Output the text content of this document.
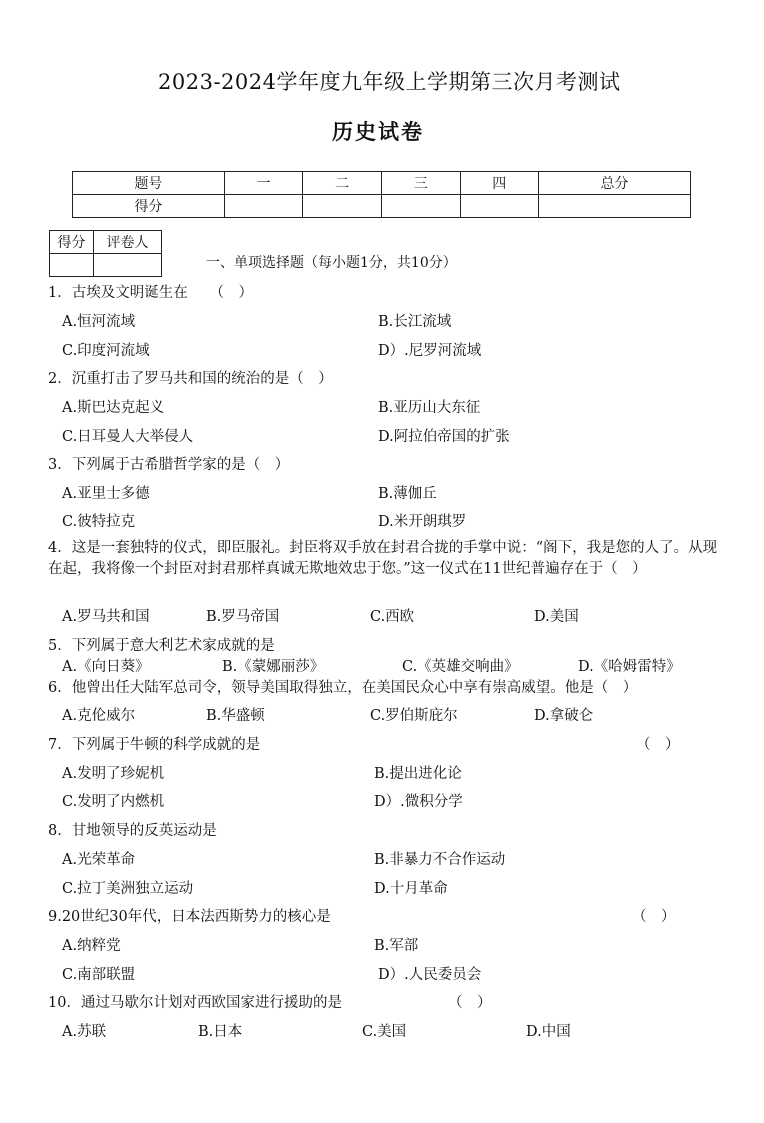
2023-2024学年度九年级上学期第三次月考测试
历史试卷
题号	一	二	三	四	总分
得分					
得分	评卷人

一、单项选择题（每小题1分，共10分）
1．古埃及文明诞生在　　（　）
A.恒河流域	B.长江流域
C.印度河流域	D）.尼罗河流域
2．沉重打击了罗马共和国的统治的是（　）
A.斯巴达克起义	B.亚历山大东征
C.日耳曼人大举侵人	D.阿拉伯帝国的扩张
3．下列属于古希腊哲学家的是（　）
A.亚里士多德	B.薄伽丘
C.彼特拉克	D.米开朗琪罗
4．这是一套独特的仪式，即臣服礼。封臣将双手放在封君合拢的手掌中说：“阁下，我是您的人了。从现在起，我将像一个封臣对封君那样真诚无欺地效忠于您。”这一仪式在11世纪普遍存在于（　）
A.罗马共和国	B.罗马帝国	C.西欧	D.美国
5．下列属于意大利艺术家成就的是
A.《向日葵》	B.《蒙娜丽莎》	C.《英雄交响曲》	D.《哈姆雷特》
6．他曾出任大陆军总司令，领导美国取得独立，在美国民众心中享有崇高威望。他是（　）
A.克伦威尔	B.华盛顿	C.罗伯斯庇尔	D.拿破仑
7．下列属于牛顿的科学成就的是	（　）
A.发明了珍妮机	B.提出进化论
C.发明了内燃机	D）.微积分学
8．甘地领导的反英运动是
A.光荣革命	B.非暴力不合作运动
C.拉丁美洲独立运动	D.十月革命
9.20世纪30年代，日本法西斯势力的核心是	（　）
A.纳粹党	B.军部
C.南部联盟	D）.人民委员会
10．通过马歇尔计划对西欧国家进行援助的是	（　）
A.苏联	B.日本	C.美国	D.中国
